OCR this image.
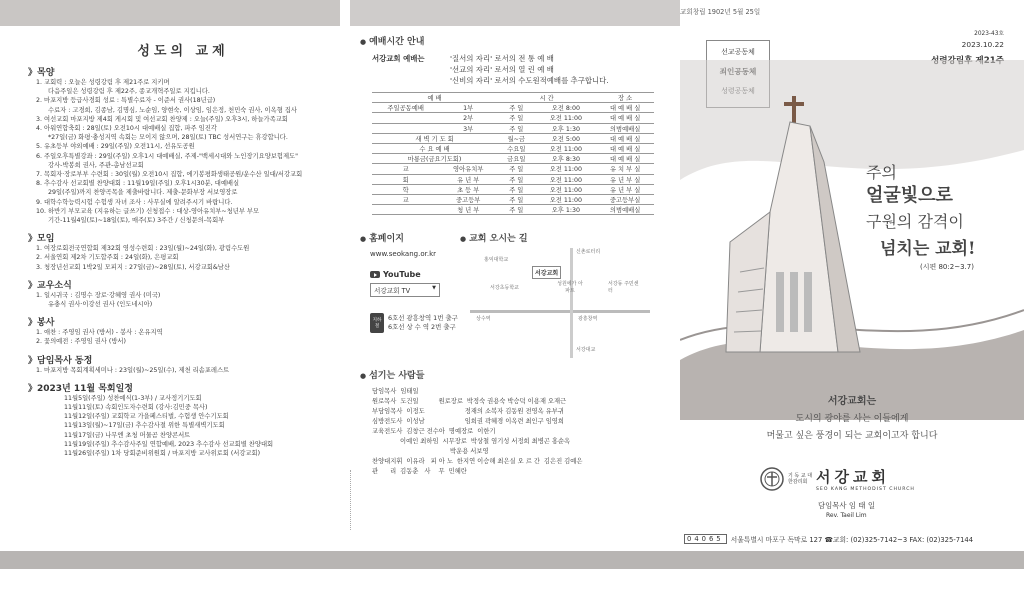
성도의 교제
》목양
1. 교회력 : 오늘은 성령강림 후 제21주로 지키며
다음주일은 성령강림 후 제22주, 종교개혁주일로 지킵니다.
2. 마포지방 등급사경회 성료 : 특별수료자 - 이준서 권사(18년급)
수료자 : 고경희, 김종남, 김명심, 노순임, 양현숙, 이상임, 임은정, 천민숙 권사, 이옥형 집사
3. 여선교회 마포지방 제4회 게시회 및 여선교회 찬양제 : 오늘(주일) 오후3시, 하늘가족교회
4. 아워연합축회 : 28일(토) 오전10시 대예배실 집합, 파주 임진각
*27일(금) 화평·충성지역 속회는 모이지 않으며, 28일(토) TBC 성서연구는 휴강합니다.
5. 유초등부 야외예배 : 29일(주일) 오전11시, 선유도공원
6. 주일오후특별강좌 : 29일(주일) 오후1시 대예배실, 주제-"백세시대와 노인장기요양보험제도"
강사-박봉희 권사, 주관-총남선교회
7. 목회자·장로부부 수련회 : 30일(월) 오전10시 집합, 에기봉평화생태공원/운수산 일대/서강교회
8. 추수감사 선교회별 찬양대회 : 11월19일(주일) 오후1시30분, 대예배실
29일(주일)까지 찬양곡목을 제출바랍니다. 제출-문화부장 서보영장로
9. 대학수학능력시험 수험생 자녀 조사 : 사무실에 알려주시기 바랍니다.
10. 하반기 부모교육 (지유하는 글쓰기) 신청접수 : 대상-영아유치부~청년부 부모
기간-11월4일(토)~18일(토), 매주(토) 3주간 / 신청문의-목회부
》모임
1. 여장로회전국연합회 제32회 영성수련회 : 23일(월)~24일(화), 광림수도원
2. 서울연회 제2차 기도합주회 : 24일(화), 은평교회
3. 청장년선교회 1박2일 모피지 : 27일(금)~28일(토), 서강교회&남산
》교우소식
1. 일시귀국 : 김명수 장로·강혜영 권사 (미국)
유충식 권사·이강선 권사 (인도네시아)
》봉사
1. 애찬 : 주영임 권사 (방서) - 봉사 : 온유지역
2. 꽃의예전 : 주영임 권사 (방서)
》담임목사 동정
1. 마포지방 목회계획세미나 : 23일(월)~25일(수), 제천 리솜포레스트
》2023년 11월 목회일정
11월5일(주일) 성찬예식(1-3부) / 교사정기기도회
11월11일(토) 속회인도자수련회 (강사:김민중 목사)
11월12일(주일) 교회학교 가을페스티벌, 수험생 안수기도회
11월13일(월)~17일(금) 추수감사절 위한 특별새벽기도회
11월17일(금) 나무엔 초청 머물곰 찬양콘서트
11월19일(주일) 추수감사주일 연합예배, 2023 추수감사 선교회별 찬양대회
11월26일(주일) 1차 당회준비위원회 / 마포지방 교사위로회 (서강교회)
● 예배시간 안내
서강교회 예배는	'질서의 자리' 로서의 전 통 예 배
'선교의 자리' 로서의 열 린 예 배
'신비의 자리' 로서의 수도원적예배를 추구합니다.
예 배		시 간		장 소
주일공동예배	1부	주 일	오전 8:00	대 예 배 실
	2부	주 일	오전 11:00	대 예 배 실
	3부	주 일	오후 1:30	의범예배실
새 벽 기 도 회		월~금	오전 5:00	대 예 배 실
수 요 예 배		수요일	오전 11:00	대 예 배 실
마룡금(금요기도회)		금요일	오후 8:30	대 예 배 실
교	영아유치부	주 일	오전 11:00	유 치 부 실
회	유 년 부	주 일	오전 11:00	유 년 부 실
학	초 등 부	주 일	오전 11:00	유 년 부 실
교	중고등부	주 일	오전 11:00	중고등부실
	청 년 부	주 일	오후 1:30	의범예배실
● 홈페이지
www.seokang.or.kr
YouTube
서강교회 TV	▼
지하철
6호선 광흥창역 1번 출구
6호선 상 수 역 2번 출구
● 교회 오시는 길
서강교회
홍익대학교
서강초등학교
성원에가 아파트
서강동 주민센터
신촌로터리
상수역	광흥창역
서강대교
● 섬기는 사람들
담임목사  임태일
원로목사  도건일          원로장로  박정숙 권용숙 박승덕 이용재 오재근
부담임목사  이정도                    정재의 소복자 김동원 전영옥 유부귀
심방전도사  이성남                    임희권 곽혜경 이옥련 최인구 임영희
교육전도사  김창근 전수아  명예장로  이한기
이예인 최하임  시무장로  박상철 염기성 서정희 최병곤 홍순옥
박운용 서보영
찬양대지휘  이유라   피 아 노  한지연 이승해 최은실 오 르 간  김은진 김예은
관      리  김동춘   사    무  민혜란
교회창립 1902년 5월 25일
2023-43호
2023.10.22
선교공동체
주의
얼굴빛으로
구원의 감격이
넘치는 교회!
(시편 80:2~3.7)
서강교회는
도시의 광야를 사는 이들에게
머물고 싶은 풍경이 되는 교회이고자 합니다
기 독 교 대한감리회 서강교회
SEO KANG METHODIST CHURCH
담임목사 임 태 일
Rev. Taeil Lim
04065	서울특별시 마포구 독막로 127 ☎교회: (02)325-7142~3 FAX: (02)325-7144
